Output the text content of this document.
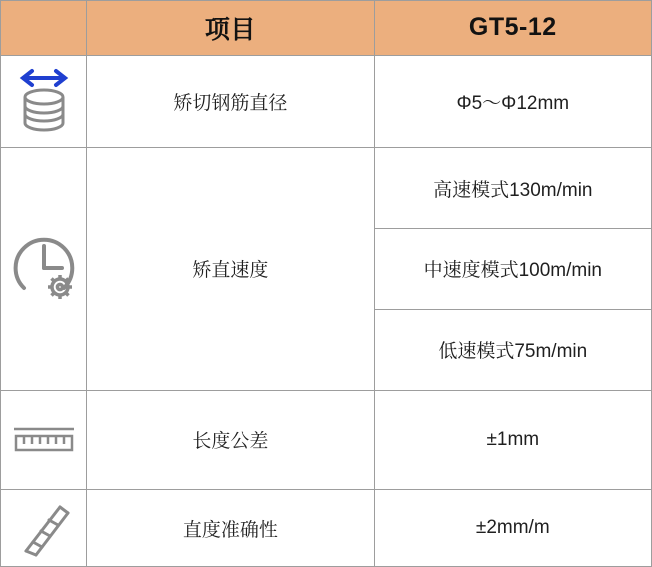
	项目	GT5-12

	矫切钢筋直径	Φ5～Φ12mm

	矫直速度	高速模式130m/min
		中速度模式100m/min
		低速模式75m/min

	长度公差	±1mm

	直度准确性	±2mm/m
